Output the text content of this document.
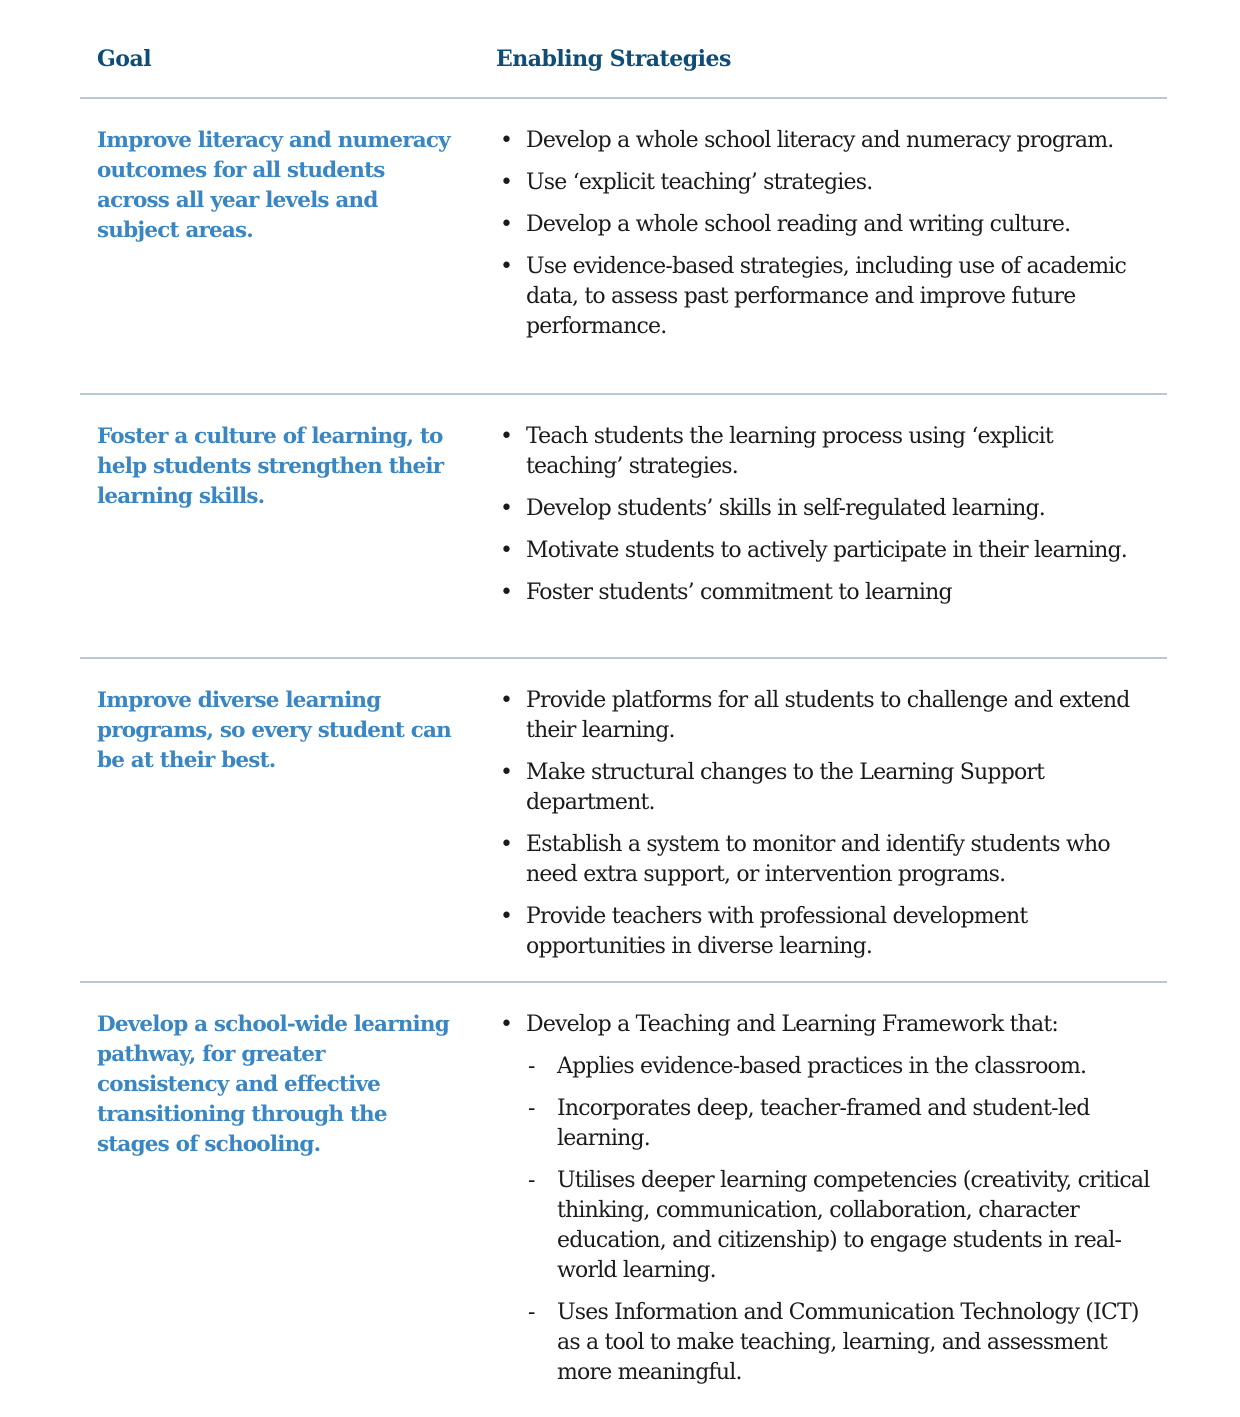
Goal	Enabling Strategies
Improve literacy and numeracy outcomes for all students across all year levels and subject areas.
• Develop a whole school literacy and numeracy program.
• Use ‘explicit teaching’ strategies.
• Develop a whole school reading and writing culture.
• Use evidence-based strategies, including use of academic data, to assess past performance and improve future performance.
Foster a culture of learning, to help students strengthen their learning skills.
• Teach students the learning process using ‘explicit teaching’ strategies.
• Develop students’ skills in self-regulated learning.
• Motivate students to actively participate in their learning.
• Foster students’ commitment to learning
Improve diverse learning programs, so every student can be at their best.
• Provide platforms for all students to challenge and extend their learning.
• Make structural changes to the Learning Support department.
• Establish a system to monitor and identify students who need extra support, or intervention programs.
• Provide teachers with professional development opportunities in diverse learning.
Develop a school-wide learning pathway, for greater consistency and effective transitioning through the stages of schooling.
• Develop a Teaching and Learning Framework that:
- Applies evidence-based practices in the classroom.
- Incorporates deep, teacher-framed and student-led learning.
- Utilises deeper learning competencies (creativity, critical thinking, communication, collaboration, character education, and citizenship) to engage students in real-world learning.
- Uses Information and Communication Technology (ICT) as a tool to make teaching, learning, and assessment more meaningful.
